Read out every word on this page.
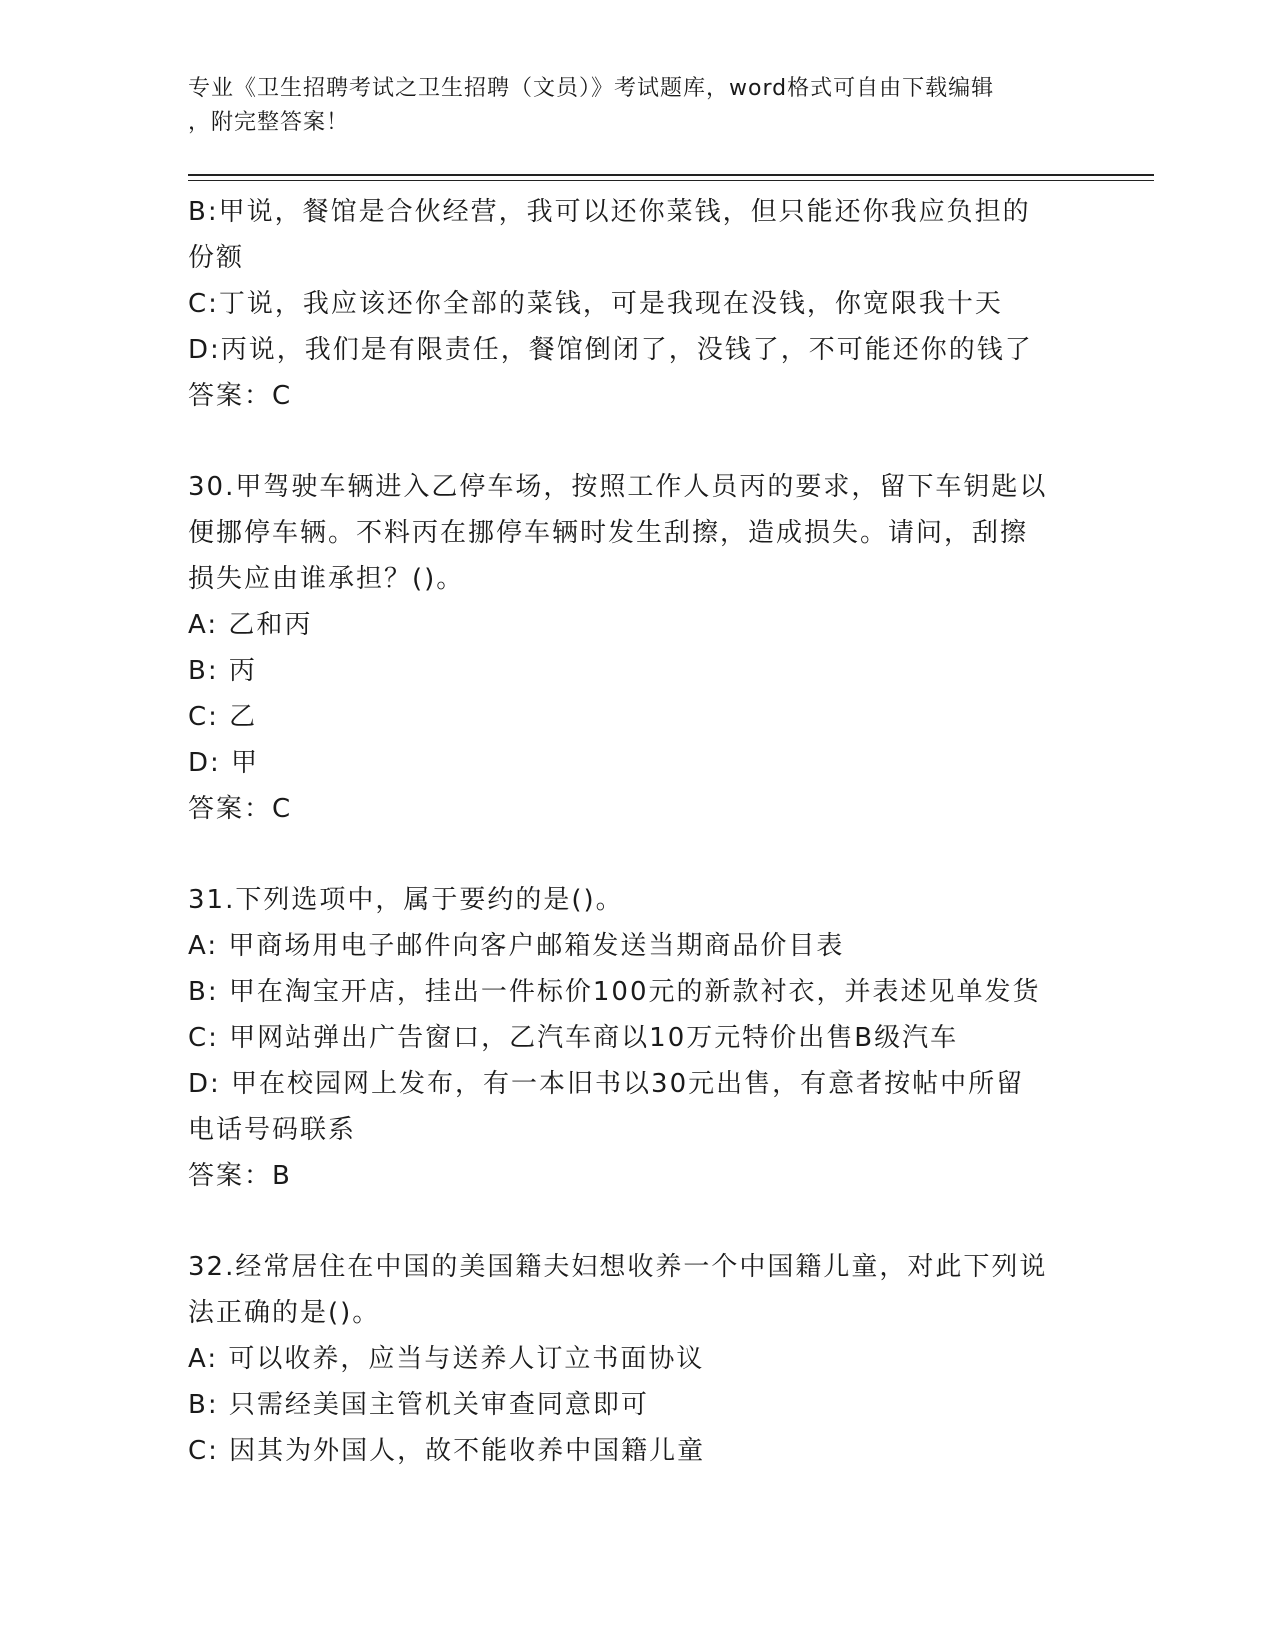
专业《卫生招聘考试之卫生招聘（文员）》考试题库，word格式可自由下载编辑
，附完整答案！

B:甲说，餐馆是合伙经营，我可以还你菜钱，但只能还你我应负担的

份额

C:丁说，我应该还你全部的菜钱，可是我现在没钱，你宽限我十天

D:丙说，我们是有限责任，餐馆倒闭了，没钱了，不可能还你的钱了

答案：C

30.甲驾驶车辆进入乙停车场，按照工作人员丙的要求，留下车钥匙以

便挪停车辆。不料丙在挪停车辆时发生刮擦，造成损失。请问，刮擦

损失应由谁承担？()。

A: 乙和丙

B: 丙

C: 乙

D: 甲

答案：C

31.下列选项中，属于要约的是()。

A: 甲商场用电子邮件向客户邮箱发送当期商品价目表

B: 甲在淘宝开店，挂出一件标价100元的新款衬衣，并表述见单发货

C: 甲网站弹出广告窗口，乙汽车商以10万元特价出售B级汽车

D: 甲在校园网上发布，有一本旧书以30元出售，有意者按帖中所留

电话号码联系

答案：B

32.经常居住在中国的美国籍夫妇想收养一个中国籍儿童，对此下列说

法正确的是()。

A: 可以收养，应当与送养人订立书面协议

B: 只需经美国主管机关审查同意即可

C: 因其为外国人，故不能收养中国籍儿童
